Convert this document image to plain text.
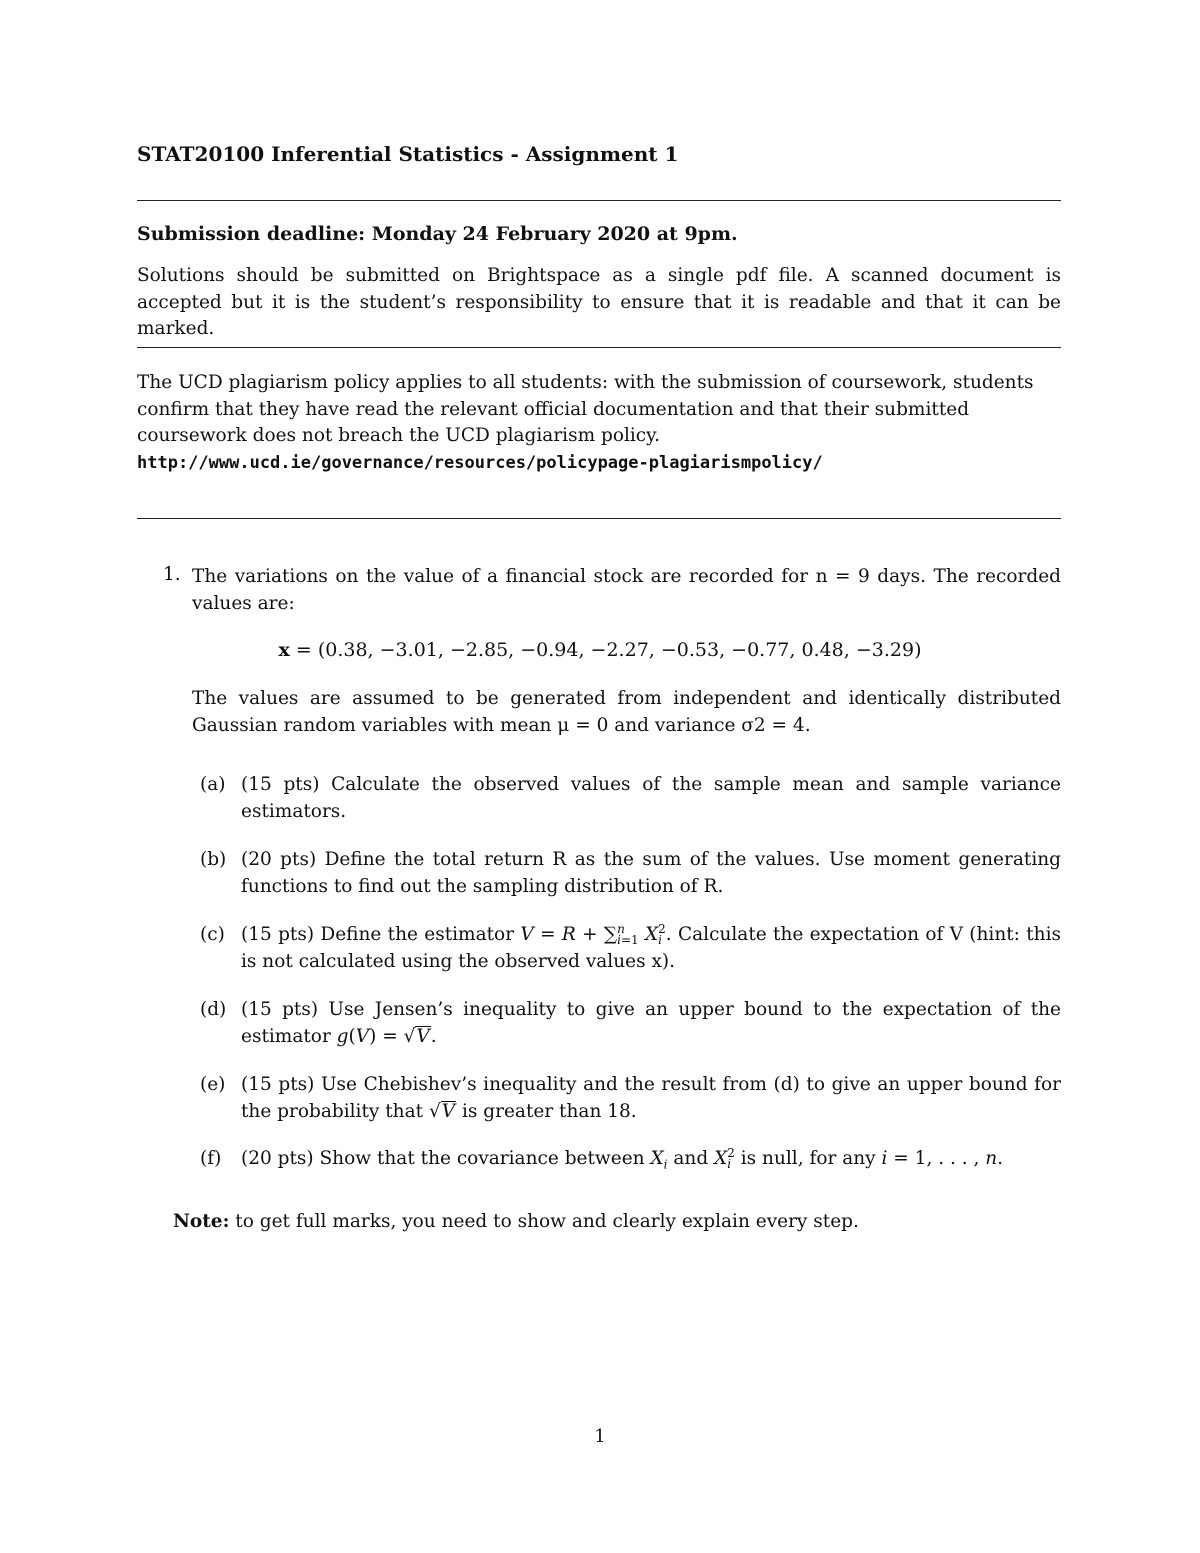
STAT20100 Inferential Statistics - Assignment 1
Submission deadline: Monday 24 February 2020 at 9pm.
Solutions should be submitted on Brightspace as a single pdf file. A scanned document is accepted but it is the student’s responsibility to ensure that it is readable and that it can be marked.
The UCD plagiarism policy applies to all students: with the submission of coursework, students confirm that they have read the relevant official documentation and that their submitted coursework does not breach the UCD plagiarism policy.
http://www.ucd.ie/governance/resources/policypage-plagiarismpolicy/
1. The variations on the value of a financial stock are recorded for n = 9 days. The recorded values are:
x = (0.38, −3.01, −2.85, −0.94, −2.27, −0.53, −0.77, 0.48, −3.29)
The values are assumed to be generated from independent and identically distributed Gaussian random variables with mean μ = 0 and variance σ2 = 4.
(a) (15 pts) Calculate the observed values of the sample mean and sample variance estimators.
(b) (20 pts) Define the total return R as the sum of the values. Use moment generating functions to find out the sampling distribution of R.
(c) (15 pts) Define the estimator V = R + ∑n
i=1 X2
i . Calculate the expectation of V (hint: this is not calculated using the observed values x).
(d) (15 pts) Use Jensen’s inequality to give an upper bound to the expectation of the estimator g(V) = √V.
(e) (15 pts) Use Chebishev’s inequality and the result from (d) to give an upper bound for the probability that √V is greater than 18.
(f)	(20 pts) Show that the covariance between $X_i$ and X2
i is null, for any i = 1, . . . , n.
Note: to get full marks, you need to show and clearly explain every step.
1
